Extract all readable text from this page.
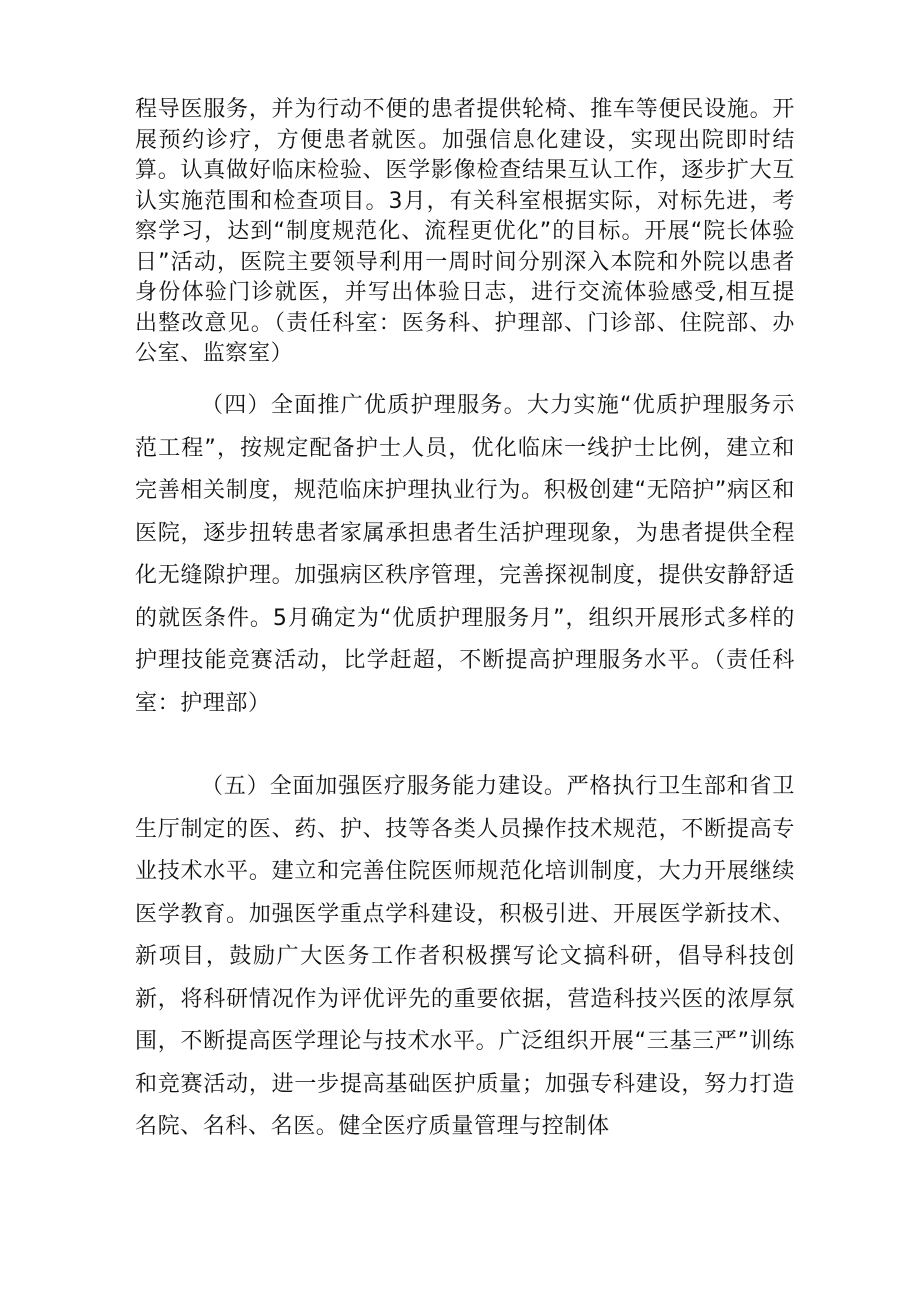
程导医服务，并为行动不便的患者提供轮椅、推车等便民设施。开展预约诊疗，方便患者就医。加强信息化建设，实现出院即时结算。认真做好临床检验、医学影像检查结果互认工作，逐步扩大互认实施范围和检查项目。3月，有关科室根据实际，对标先进，考察学习，达到“制度规范化、流程更优化”的目标。开展“院长体验日”活动，医院主要领导利用一周时间分别深入本院和外院以患者身份体验门诊就医，并写出体验日志，进行交流体验感受,相互提出整改意见。（责任科室：医务科、护理部、门诊部、住院部、办公室、监察室）

（四）全面推广优质护理服务。大力实施“优质护理服务示范工程”，按规定配备护士人员，优化临床一线护士比例，建立和完善相关制度，规范临床护理执业行为。积极创建“无陪护”病区和医院，逐步扭转患者家属承担患者生活护理现象，为患者提供全程化无缝隙护理。加强病区秩序管理，完善探视制度，提供安静舒适的就医条件。5月确定为“优质护理服务月”，组织开展形式多样的护理技能竞赛活动，比学赶超，不断提高护理服务水平。（责任科室：护理部）

（五）全面加强医疗服务能力建设。严格执行卫生部和省卫生厅制定的医、药、护、技等各类人员操作技术规范，不断提高专业技术水平。建立和完善住院医师规范化培训制度，大力开展继续医学教育。加强医学重点学科建设，积极引进、开展医学新技术、新项目，鼓励广大医务工作者积极撰写论文搞科研，倡导科技创新，将科研情况作为评优评先的重要依据，营造科技兴医的浓厚氛围，不断提高医学理论与技术水平。广泛组织开展“三基三严”训练和竞赛活动，进一步提高基础医护质量；加强专科建设，努力打造名院、名科、名医。健全医疗质量管理与控制体
